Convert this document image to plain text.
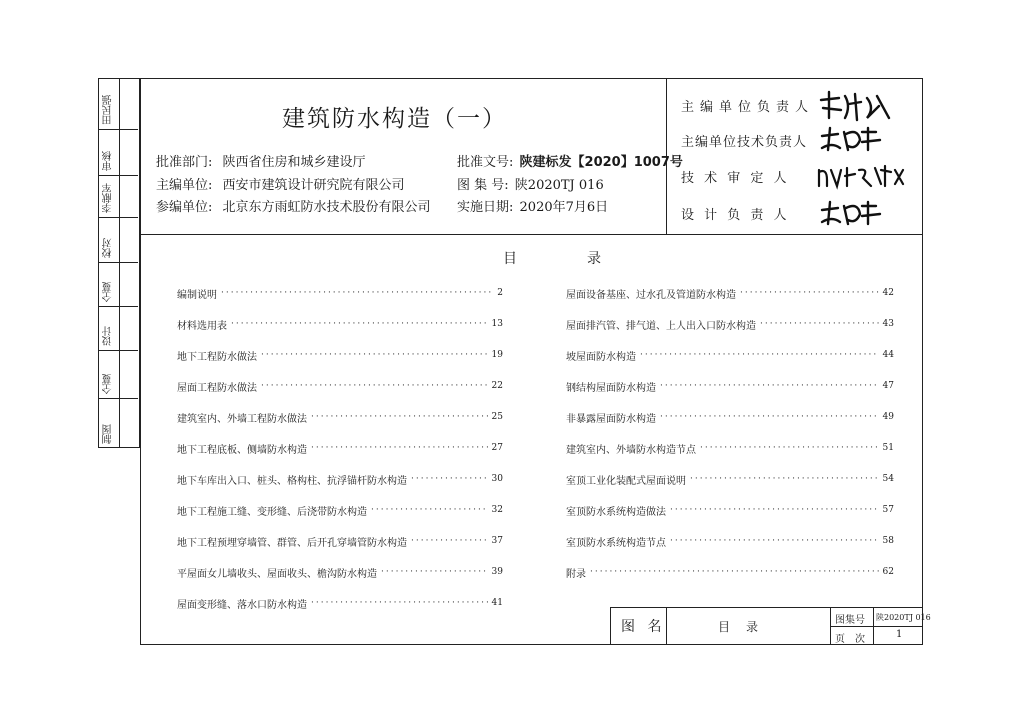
建筑防水构造（一）
批准部门: 陕西省住房和城乡建设厅
主编单位: 西安市建筑设计研究院有限公司
参编单位: 北京东方雨虹防水技术股份有限公司
批准文号: 陕建标发【2020】1007号
图 集 号: 陕2020TJ 016
实施日期: 2020年7月6日
主编单位负责人
主编单位技术负责人
技 术 审 定 人
设 计 负 责 人
目　录
编制说明 ·····	2
材料选用表 ·····	13
地下工程防水做法 ·····	19
屋面工程防水做法 ·····	22
建筑室内、外墙工程防水做法 ·····	25
地下工程底板、侧墙防水构造 ·····	27
地下车库出入口、桩头、格构柱、抗浮锚杆防水构造 ·····	30
地下工程施工缝、变形缝、后浇带防水构造 ·····	32
地下工程预埋穿墙管、群管、后开孔穿墙管防水构造 ·····	37
平屋面女儿墙收头、屋面收头、檐沟防水构造 ·····	39
屋面变形缝、落水口防水构造 ·····	41
屋面设备基座、过水孔及管道防水构造 ·····	42
屋面排汽管、排气道、上人出入口防水构造 ·····	43
坡屋面防水构造 ·····	44
钢结构屋面防水构造 ·····	47
非暴露屋面防水构造 ·····	49
建筑室内、外墙防水构造节点 ·····	51
室顶工业化装配式屋面说明 ·····	54
室顶防水系统构造做法 ·····	57
室顶防水系统构造节点 ·····	58
附录 ·····	62
田民强
审核
李献军
校对
仝蔓
设计
仝蔓
制图
图 名	目　录	图集号 陕2020TJ 016
页　次	1
